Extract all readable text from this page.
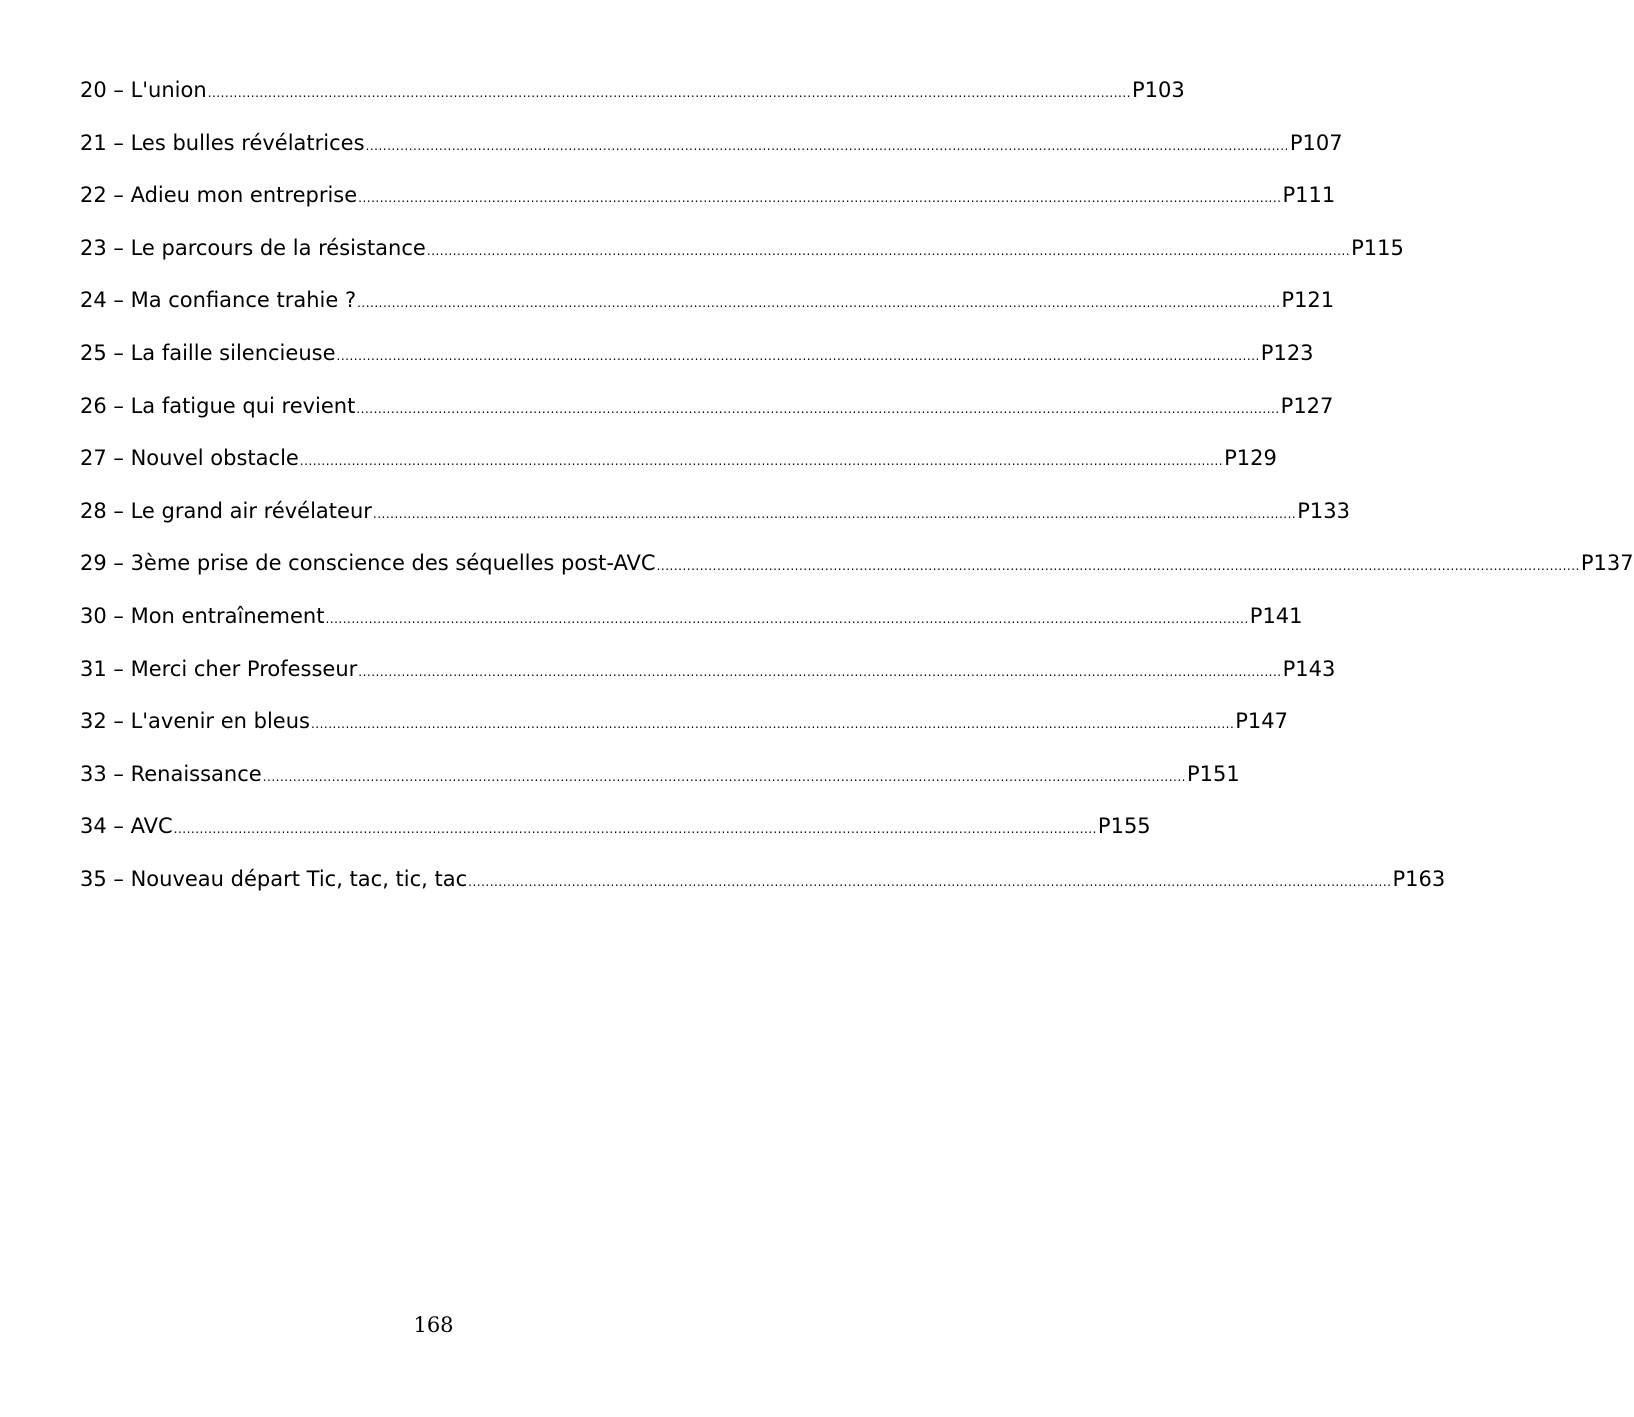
20 – L'union ...................................................................................................................................................................................................................... P103
21 – Les bulles révélatrices ...................................................................................................................................................................................................................... P107
22 – Adieu mon entreprise ...................................................................................................................................................................................................................... P111
23 – Le parcours de la résistance ...................................................................................................................................................................................................................... P115
24 – Ma confiance trahie ? ...................................................................................................................................................................................................................... P121
25 – La faille silencieuse ...................................................................................................................................................................................................................... P123
26 – La fatigue qui revient ...................................................................................................................................................................................................................... P127
27 – Nouvel obstacle ...................................................................................................................................................................................................................... P129
28 – Le grand air révélateur ...................................................................................................................................................................................................................... P133
29 – 3ème prise de conscience des séquelles post-AVC ...................................................................................................................................................................................................................... P137
30 – Mon entraînement ...................................................................................................................................................................................................................... P141
31 – Merci cher Professeur ...................................................................................................................................................................................................................... P143
32 – L'avenir en bleus ...................................................................................................................................................................................................................... P147
33 – Renaissance ...................................................................................................................................................................................................................... P151
34 – AVC ...................................................................................................................................................................................................................... P155
35 – Nouveau départ Tic, tac, tic, tac ...................................................................................................................................................................................................................... P163
168
